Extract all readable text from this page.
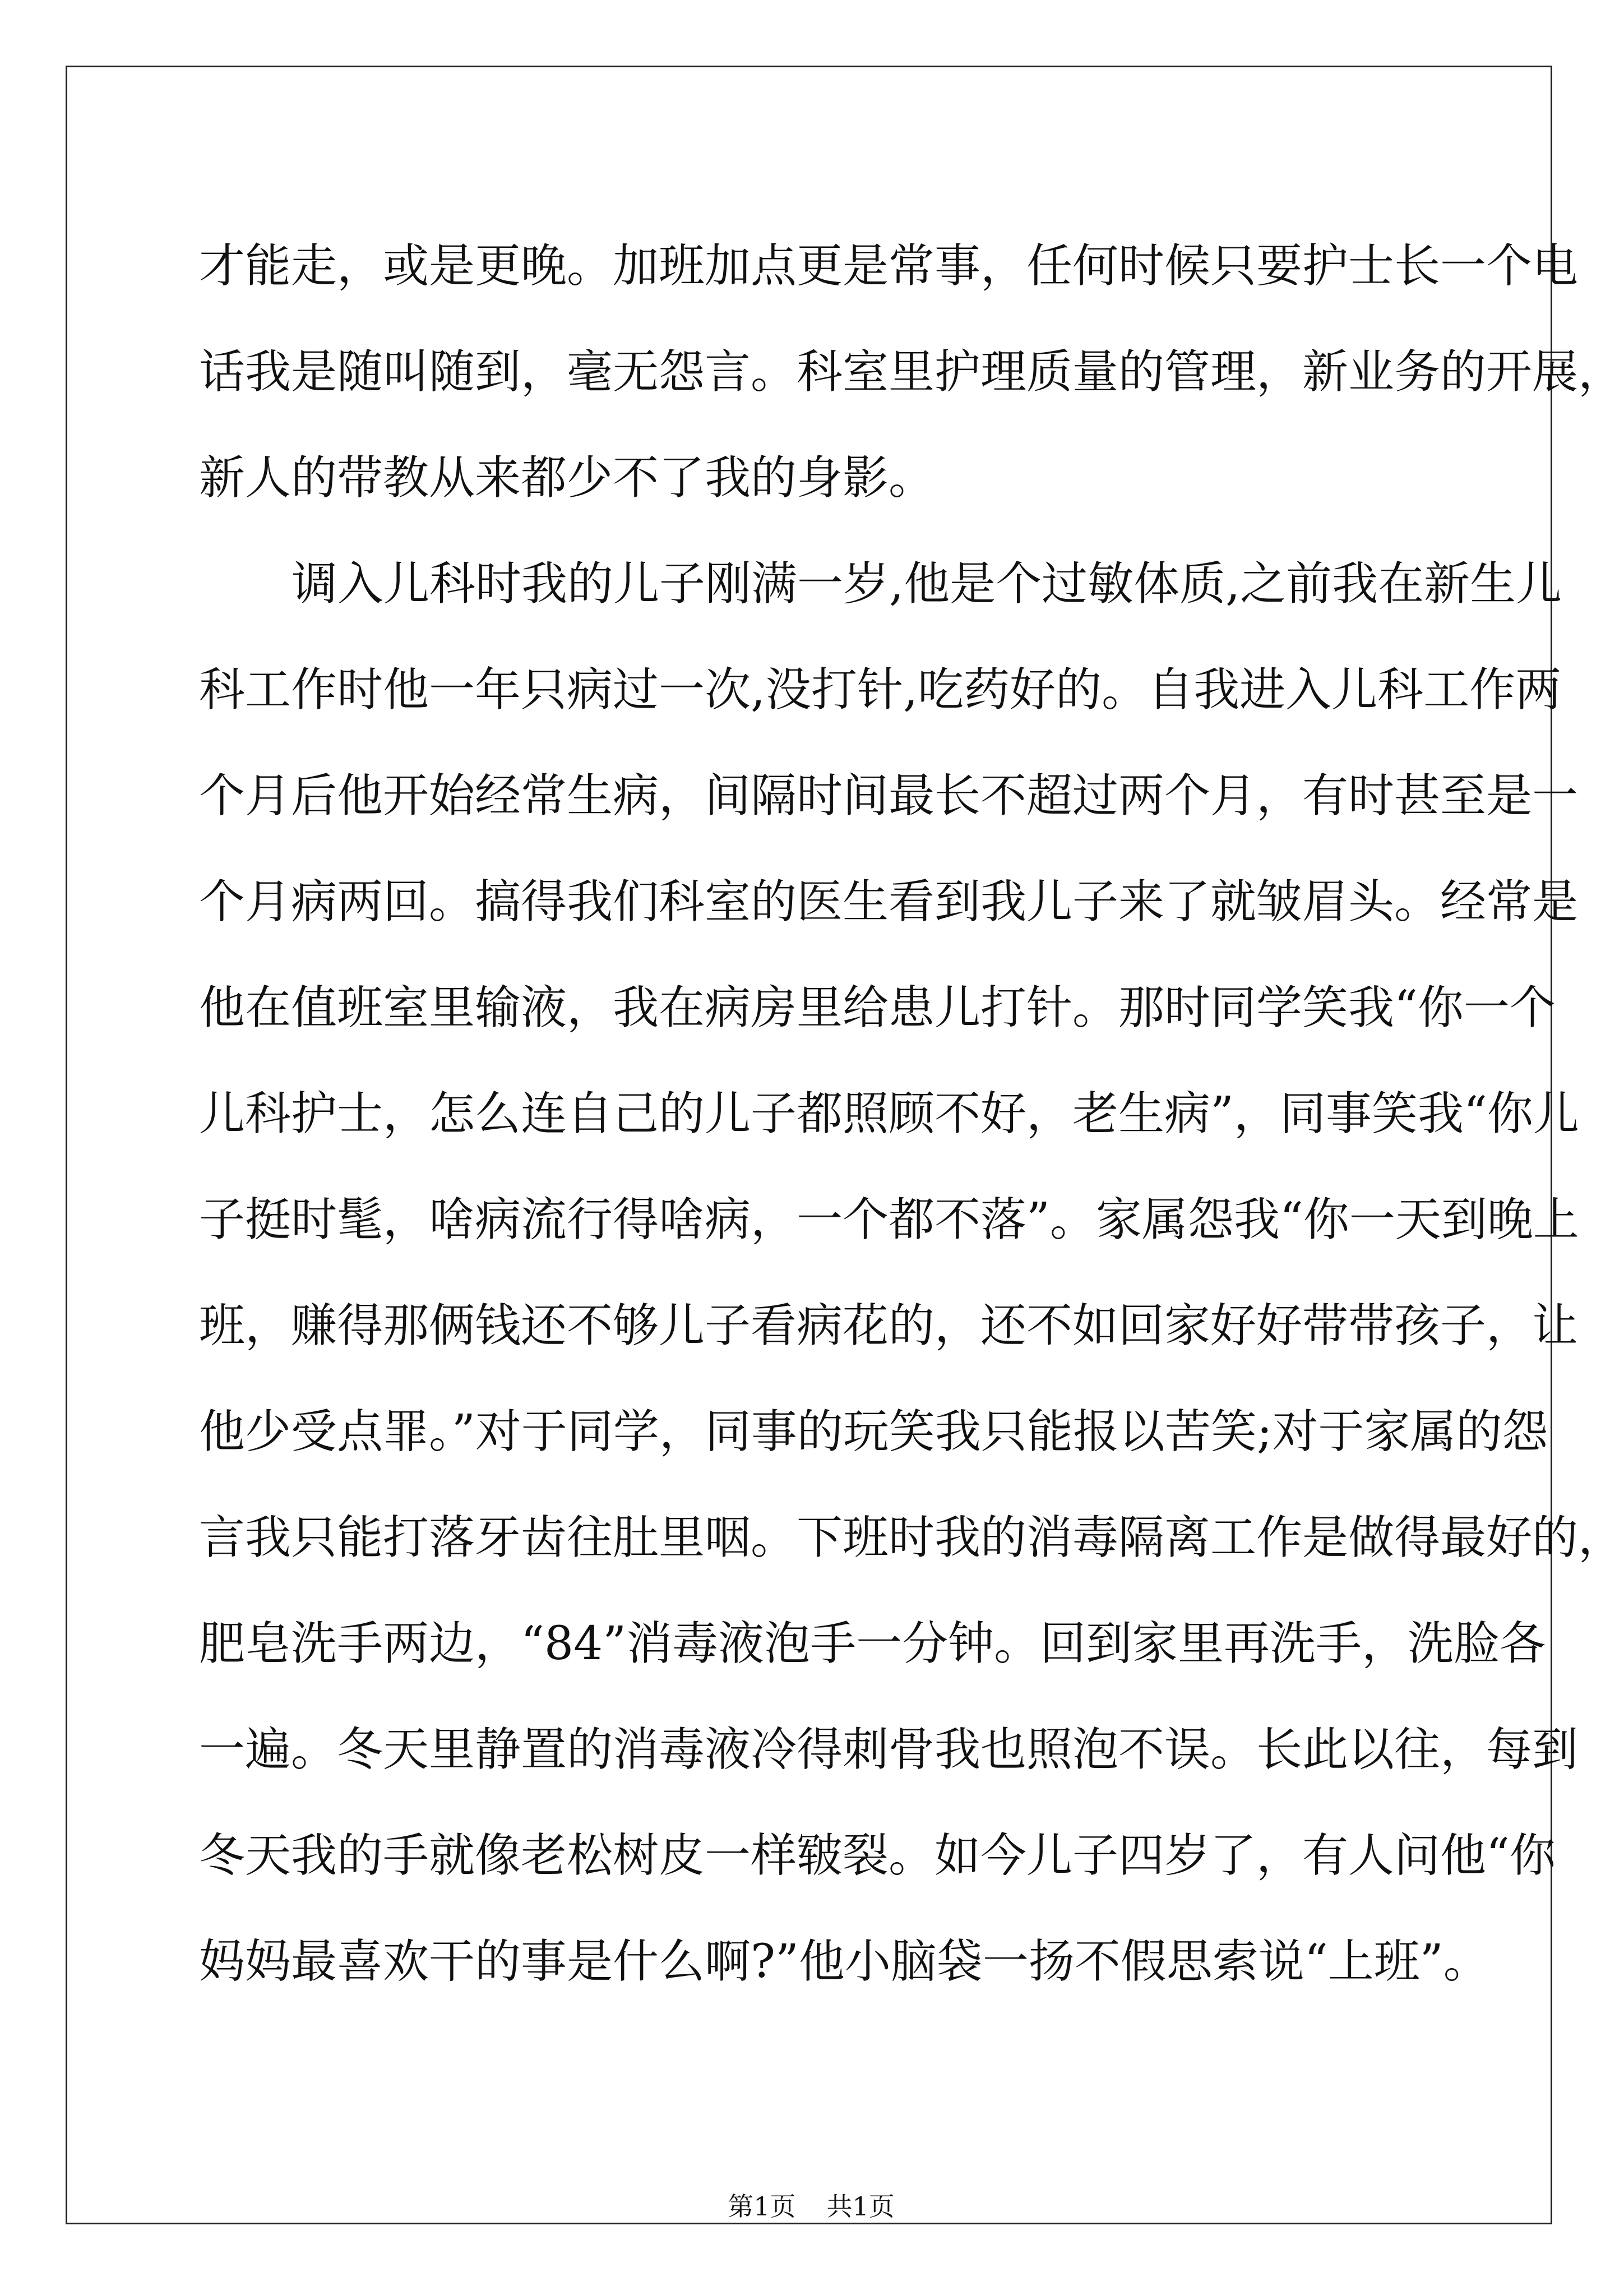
才能走，或是更晚。加班加点更是常事，任何时候只要护士长一个电
话我是随叫随到，毫无怨言。科室里护理质量的管理，新业务的开展，
新人的带教从来都少不了我的身影。
调入儿科时我的儿子刚满一岁,他是个过敏体质,之前我在新生儿
科工作时他一年只病过一次,没打针,吃药好的。自我进入儿科工作两
个月后他开始经常生病，间隔时间最长不超过两个月，有时甚至是一
个月病两回。搞得我们科室的医生看到我儿子来了就皱眉头。经常是
他在值班室里输液，我在病房里给患儿打针。那时同学笑我“你一个
儿科护士，怎么连自己的儿子都照顾不好，老生病”，同事笑我“你儿
子挺时髦，啥病流行得啥病，一个都不落”。家属怨我“你一天到晚上
班，赚得那俩钱还不够儿子看病花的，还不如回家好好带带孩子，让
他少受点罪。”对于同学，同事的玩笑我只能报以苦笑;对于家属的怨
言我只能打落牙齿往肚里咽。下班时我的消毒隔离工作是做得最好的，
肥皂洗手两边，“84”消毒液泡手一分钟。回到家里再洗手，洗脸各
一遍。冬天里静置的消毒液冷得刺骨我也照泡不误。长此以往，每到
冬天我的手就像老松树皮一样皲裂。如今儿子四岁了，有人问他“你
妈妈最喜欢干的事是什么啊?”他小脑袋一扬不假思索说“上班”。
第1页 共1页
